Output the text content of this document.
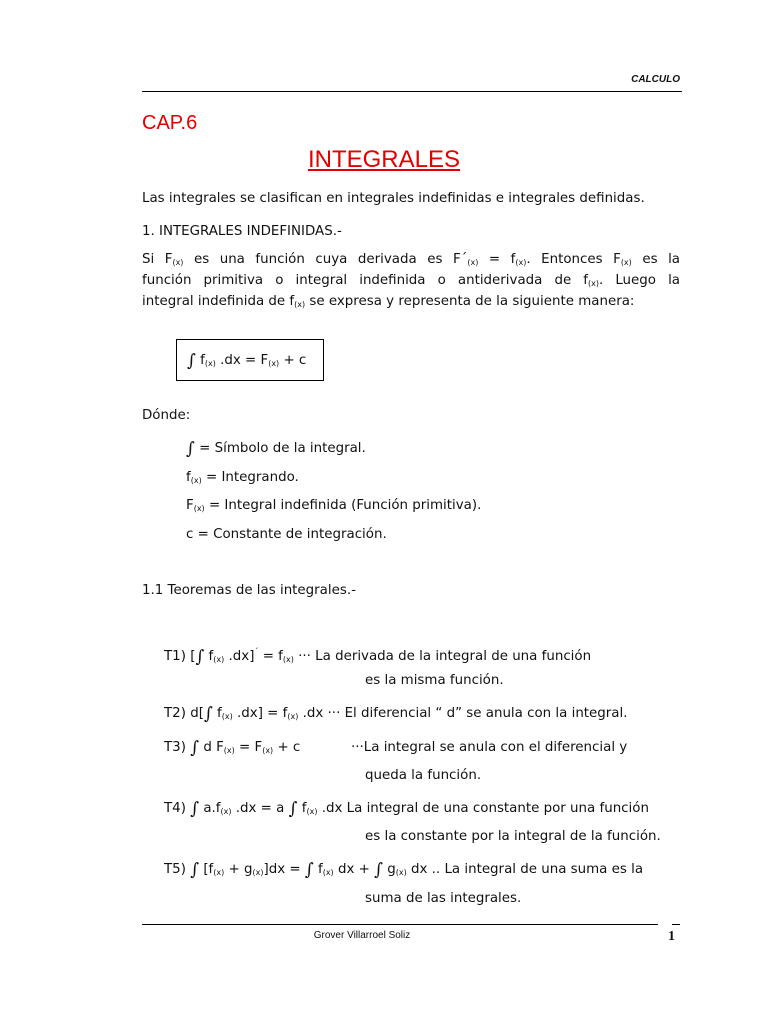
CALCULO
CAP.6
INTEGRALES
Las integrales se clasifican en integrales indefinidas e integrales definidas.
1. INTEGRALES INDEFINIDAS.-
Si $F_{(x)}$ es una función cuya derivada es $F´_{(x)} = f_{(x)}$. Entonces $F_{(x)}$ es la
función primitiva o integral indefinida o antiderivada de $f_{(x)}$. Luego la
integral indefinida de $f_{(x)}$ se expresa y representa de la siguiente manera:
∫ $f_{(x)}$ $.dx = F_{(x)} + c$
Dónde:
∫ = Símbolo de la integral.
$f_{(x)}$ = Integrando.
$F_{(x)}$ = Integral indefinida (Función primitiva).
c = Constante de integración.
1.1 Teoremas de las integrales.-
T1) [∫ $f_{(x)}$ $.dx]^´ = f_{(x)}$ ··· La derivada de la integral de una función
es la misma función.
T2) d[∫ $f_{(x)}$ $.dx] = f_{(x)}$ .dx ··· El diferencial “ d” se anula con la integral.
T3) ∫ d $F_{(x)} = F_{(x)} + c$	···La integral se anula con el diferencial y
queda la función.
T4) ∫ $a.f_{(x)}$ .dx = a ∫ $f_{(x)}$ .dx La integral de una constante por una función
es la constante por la integral de la función.
T5) ∫ $[f_{(x)} + g_{(x)}]dx$ = ∫ $f_{(x)}$ dx + ∫ $g_{(x)}$ dx .. La integral de una suma es la
suma de las integrales.
Grover Villarroel Soliz	1
